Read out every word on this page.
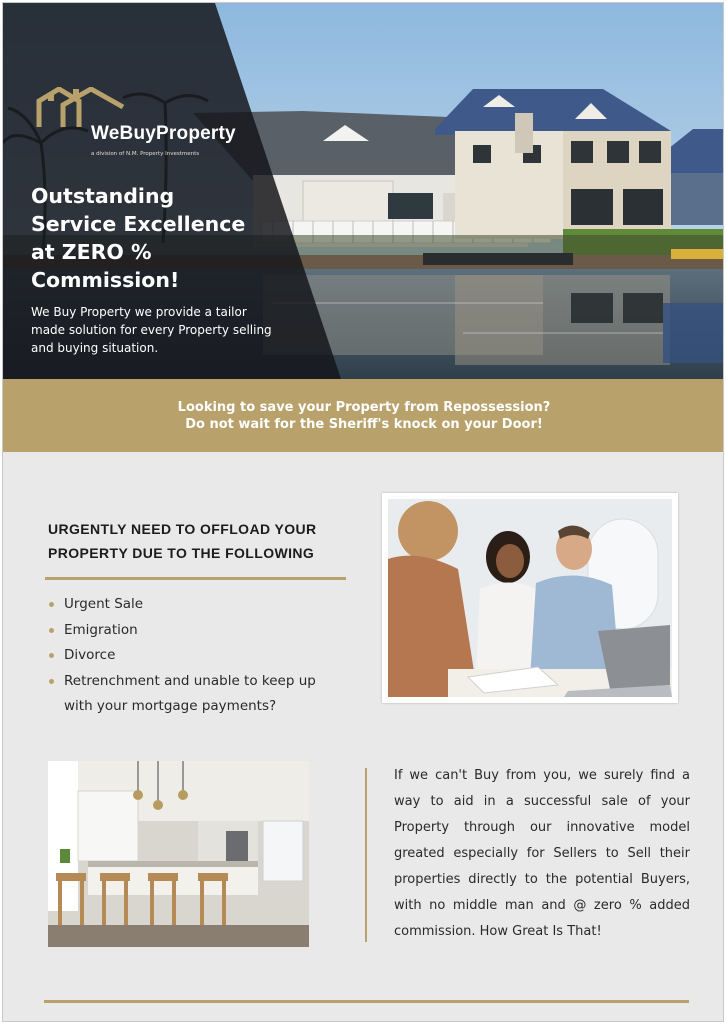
WeBuyProperty
a division of N.M. Property Investments
Outstanding
Service Excellence
at ZERO %
Commission!

We Buy Property we provide a tailor
made solution for every Property selling
and buying situation.

Looking to save your Property from Repossession?
Do not wait for the Sheriff's knock on your Door!
URGENTLY NEED TO OFFLOAD YOUR
PROPERTY DUE TO THE FOLLOWING
Urgent Sale
Emigration
Divorce
Retrenchment and unable to keep up with your mortgage payments?

If we can't Buy from you, we surely find a way to aid in a successful sale of your Property through our innovative model greated especially for Sellers to Sell their properties directly to the potential Buyers, with no middle man and @ zero % added commission. How Great Is That!
